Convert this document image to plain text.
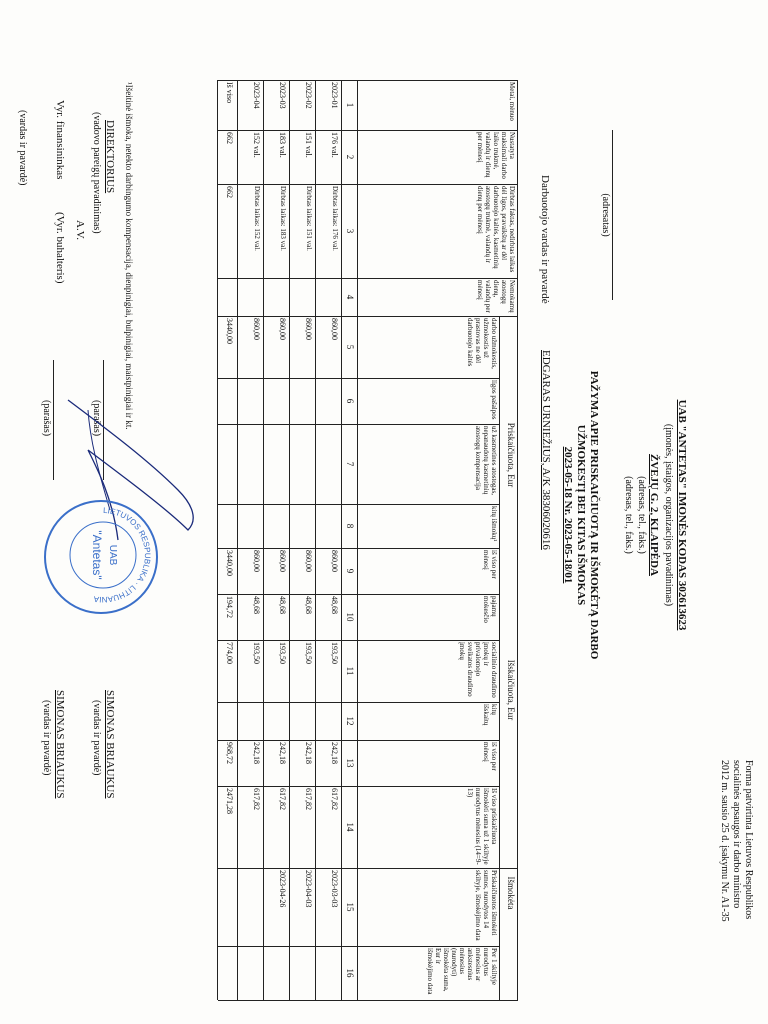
Forma patvirtinta Lietuvos Respublikos
socialinės apsaugos ir darbo ministro
2012 m. sausio 25 d. įsakymu Nr. A1-35
UAB "ANTETAS" IMONĖS KODAS 302613623
(įmonės, įstaigos, organizacijos pavadinimas)
ŽVEJŲ G. 2, KLAIPĖDA
(adresas, tel., faks.)
(adresas, tel., faks.)
(adresatas)
PAŽYMA APIE PRISKAIČIUOTĄ IR IŠMOKĖTĄ DARBO
UŽMOKESTĮ BEI KITAS IŠMOKAS
2023-05-18 Nr. 2023-05-18/01
Darbuotojo vardas ir pavardė
EDGARAS URNIEŽIUS, A/K 38306020616
Priskaičiuota, Eur
Išskaičiuota, Eur
Išmokėta
Metai, mėnuo
Nustatyta maksimali darbo laiko trukmė, valandų ir dienų per mėnesį
Dirbtas faktas, nedirbtas laikas dėl ligos, pravaikštų ar dėl darbuotojo kaltės, kasmetinių atostogų trukmė, valandų ir dienų per mėnesį
Nemokamų atostogų dienų, valandų per mėnesį
darbo užmokestis, užmokestis už prastovas ne dėl darbuotojo kaltės
ligos pašalpos
už kasmetines atostogas, nepanaudotų kasmetinių atostogų kompensacija
kitų išmokų¹
iš viso per mėnesį
pajamų mokesčio
socialinio draudimo įmokų ir privalomojo sveikatos draudimo įmokų
kitų išskaitų
iš viso per mėnesį
Iš viso priskaičiuota išmokėti suma už 1 skiltyje nurodytus mėnesius (14=9-13)
Priskaičiuotos išmokėti sumos, nurodytos 14 skiltyje, išmokėjimo data
Per 1 skiltyje nurodytus mėnesius ar ankstesnius mėnesius (nurodyti) išmokėta suma, Eur ir išmokėjimo data
1
2
3
4
5
6
7
8
9
10
11
12
13
14
15
16
2023-01
176 val.
Dirbtas laikas: 176 val.
860,00
860,00
48,68
193,50
242,18
617,82
2023-03-03
2023-02
151 val.
Dirbtas laikas: 151 val.
860,00
860,00
48,68
193,50
242,18
617,82
2023-04-03
2023-03
183 val.
Dirbtas laikas: 183 val.
860,00
860,00
48,68
193,50
242,18
617,82
2023-04-26
2023-04
152 val.
Dirbtas laikas: 152 val.
860,00
860,00
48,68
193,50
242,18
617,82
Iš viso
662
662
3440,00
3440,00
194,72
774,00
968,72
2471,28
¹Išeitinė išmoka, netekto darbingumo kompensacija, dienpinigiai, bulpinigiai, maistpinigiai ir kt.
DIREKTORIUS
(vadovo pareigų pavadinimas)
(parašas)
SIMONAS BRIAUKUS
(vardas ir pavardė)
A.V.
Vyr. finansininkas
(Vyr. buhalteris)
(parašas)
SIMONAS BRIAUKUS
(vardas ir pavardė)
(vardas ir pavardė)
LIETUVOS RESPUBLIKA · LITHUANIA
UAB
"Antetas"
